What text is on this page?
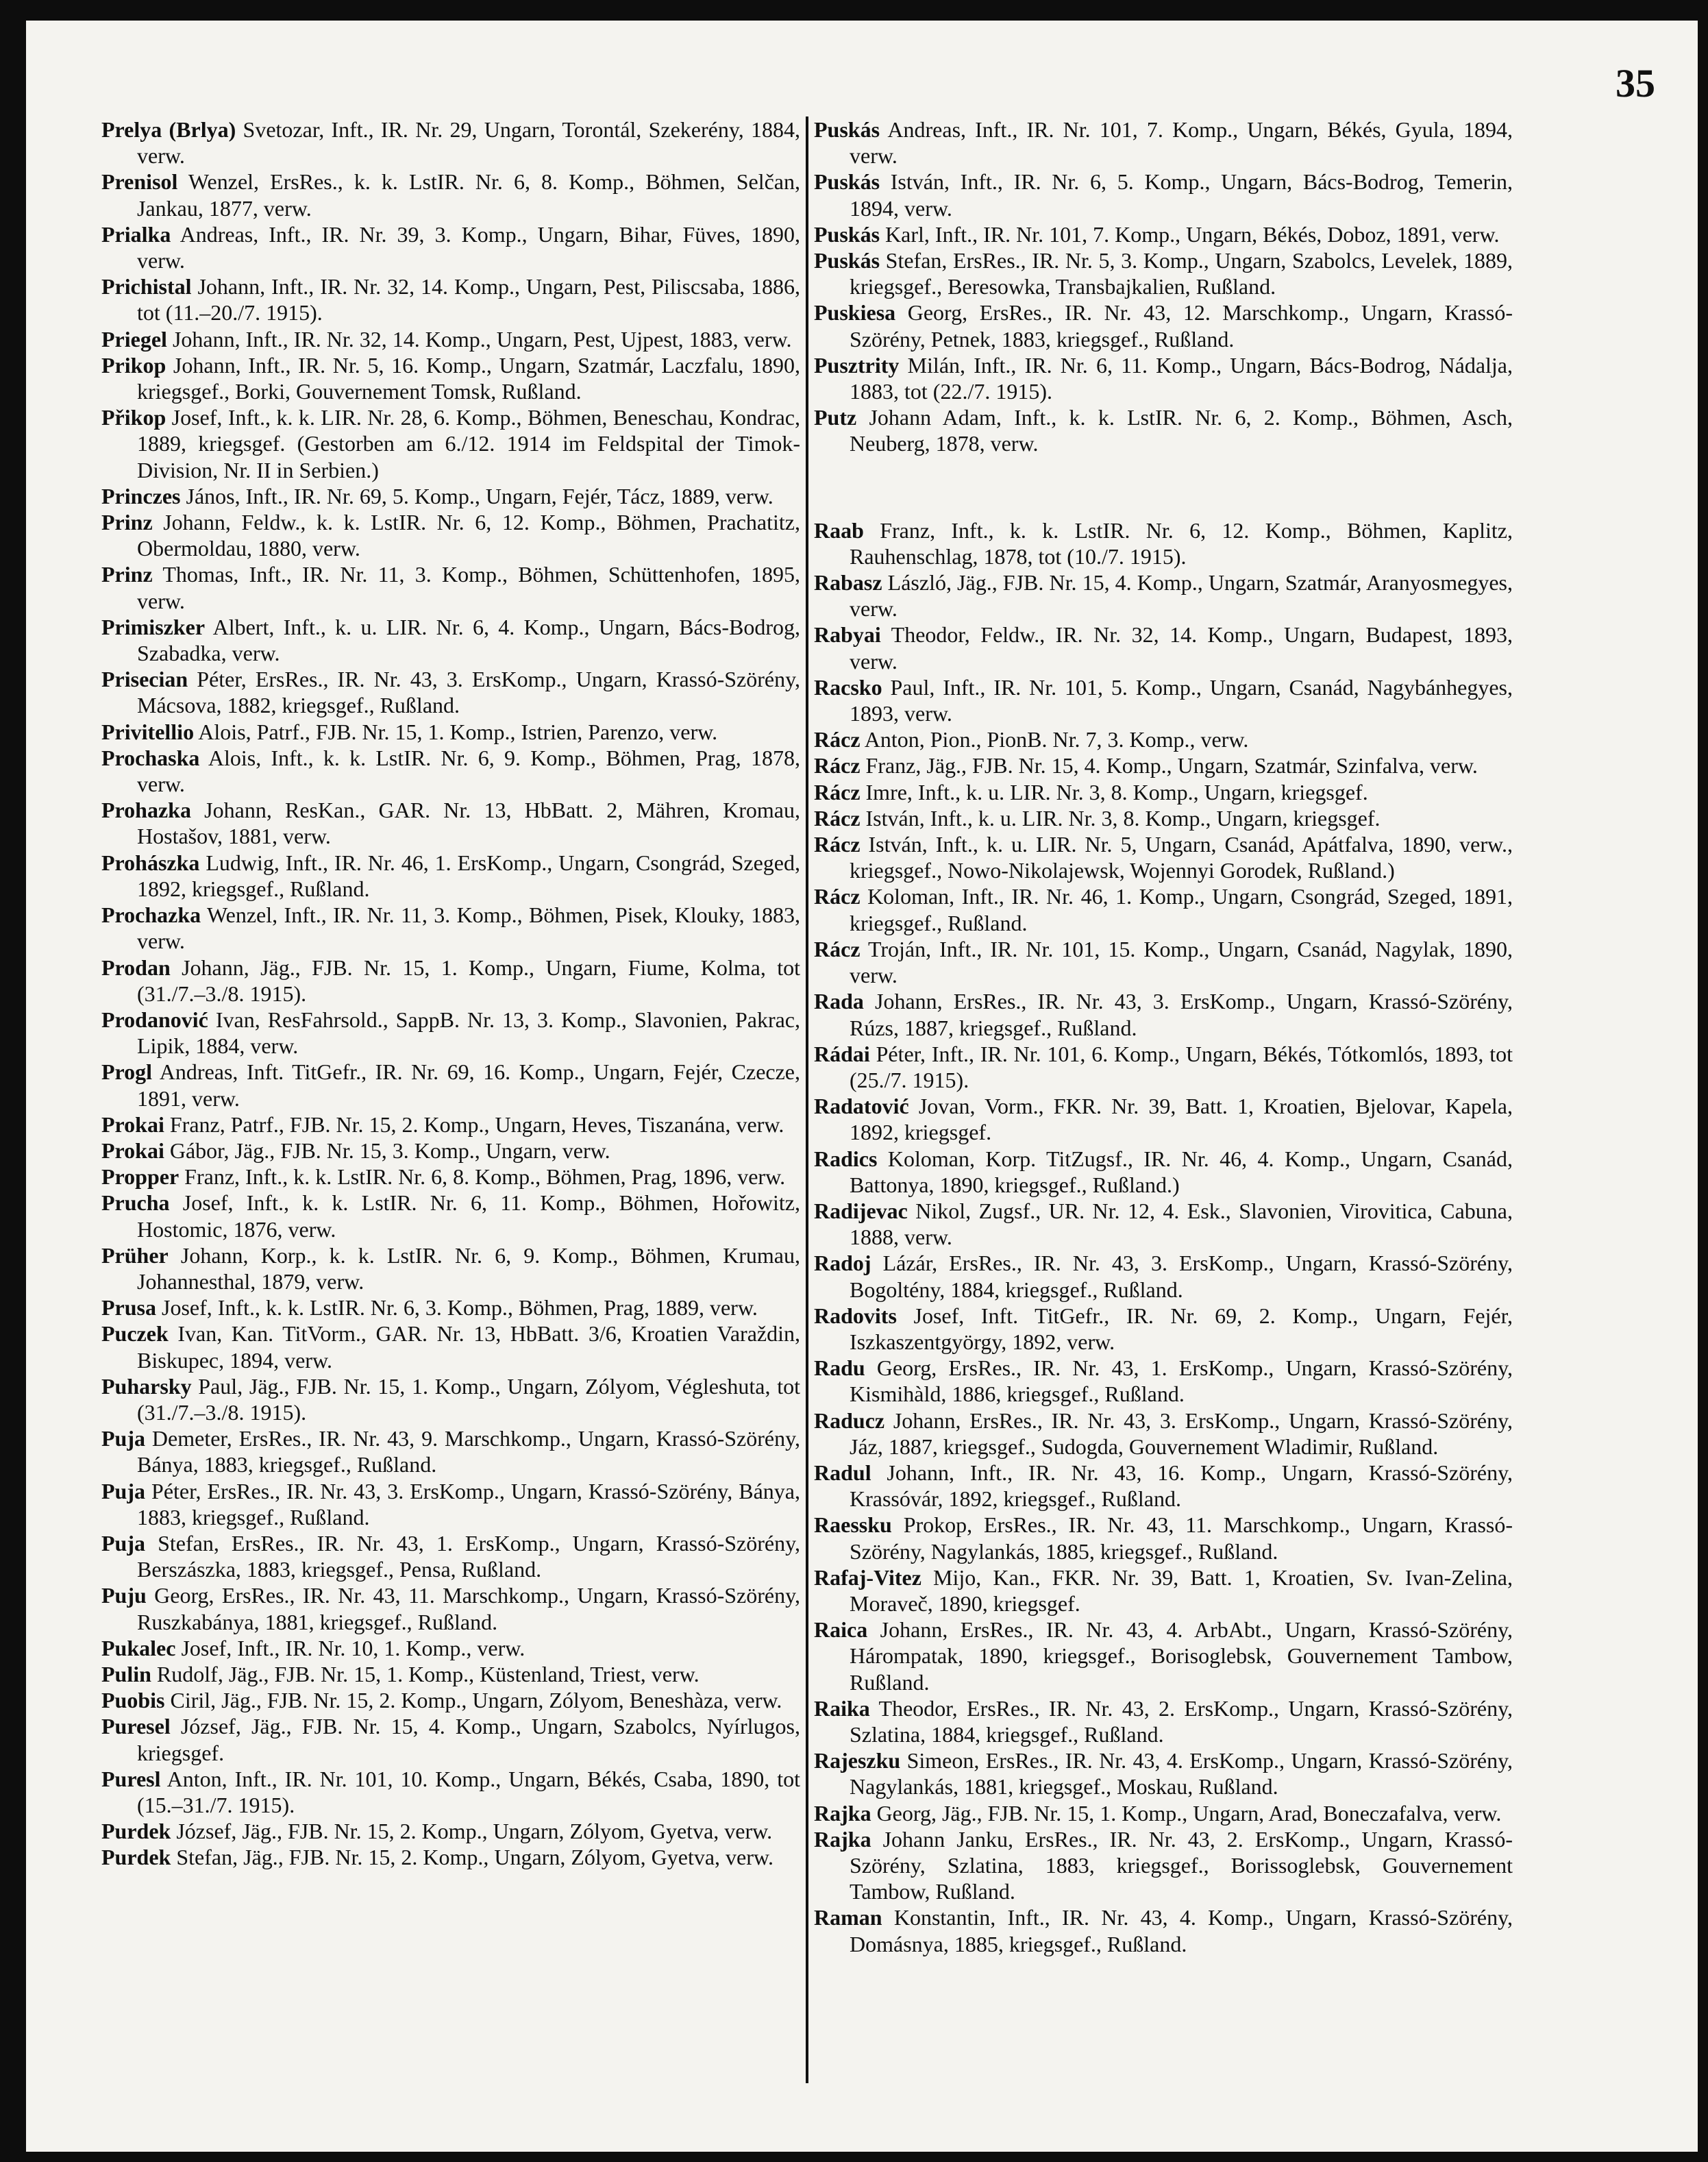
35

Prelya (Brlya) Svetozar, Inft., IR. Nr. 29, Ungarn, Torontál, Szekerény, 1884, verw.

Prenisol Wenzel, ErsRes., k. k. LstIR. Nr. 6, 8. Komp., Böhmen, Selčan, Jankau, 1877, verw.

Prialka Andreas, Inft., IR. Nr. 39, 3. Komp., Ungarn, Bihar, Füves, 1890, verw.

Prichistal Johann, Inft., IR. Nr. 32, 14. Komp., Ungarn, Pest, Piliscsaba, 1886, tot (11.–20./7. 1915).

Priegel Johann, Inft., IR. Nr. 32, 14. Komp., Ungarn, Pest, Ujpest, 1883, verw.

Prikop Johann, Inft., IR. Nr. 5, 16. Komp., Ungarn, Szatmár, Laczfalu, 1890, kriegsgef., Borki, Gouvernement Tomsk, Rußland.

Přikop Josef, Inft., k. k. LIR. Nr. 28, 6. Komp., Böhmen, Beneschau, Kondrac, 1889, kriegsgef. (Gestorben am 6./12. 1914 im Feldspital der Timok-Division, Nr. II in Serbien.)

Princzes János, Inft., IR. Nr. 69, 5. Komp., Ungarn, Fejér, Tácz, 1889, verw.

Prinz Johann, Feldw., k. k. LstIR. Nr. 6, 12. Komp., Böhmen, Prachatitz, Obermoldau, 1880, verw.

Prinz Thomas, Inft., IR. Nr. 11, 3. Komp., Böhmen, Schüttenhofen, 1895, verw.

Primiszker Albert, Inft., k. u. LIR. Nr. 6, 4. Komp., Ungarn, Bács-Bodrog, Szabadka, verw.

Prisecian Péter, ErsRes., IR. Nr. 43, 3. ErsKomp., Ungarn, Krassó-Szörény, Mácsova, 1882, kriegsgef., Rußland.

Privitellio Alois, Patrf., FJB. Nr. 15, 1. Komp., Istrien, Parenzo, verw.

Prochaska Alois, Inft., k. k. LstIR. Nr. 6, 9. Komp., Böhmen, Prag, 1878, verw.

Prohazka Johann, ResKan., GAR. Nr. 13, HbBatt. 2, Mähren, Kromau, Hostašov, 1881, verw.

Prohászka Ludwig, Inft., IR. Nr. 46, 1. ErsKomp., Ungarn, Csongrád, Szeged, 1892, kriegsgef., Rußland.

Prochazka Wenzel, Inft., IR. Nr. 11, 3. Komp., Böhmen, Pisek, Klouky, 1883, verw.

Prodan Johann, Jäg., FJB. Nr. 15, 1. Komp., Ungarn, Fiume, Kolma, tot (31./7.–3./8. 1915).

Prodanović Ivan, ResFahrsold., SappB. Nr. 13, 3. Komp., Slavonien, Pakrac, Lipik, 1884, verw.

Progl Andreas, Inft. TitGefr., IR. Nr. 69, 16. Komp., Ungarn, Fejér, Czecze, 1891, verw.

Prokai Franz, Patrf., FJB. Nr. 15, 2. Komp., Ungarn, Heves, Tiszanána, verw.

Prokai Gábor, Jäg., FJB. Nr. 15, 3. Komp., Ungarn, verw.

Propper Franz, Inft., k. k. LstIR. Nr. 6, 8. Komp., Böhmen, Prag, 1896, verw.

Prucha Josef, Inft., k. k. LstIR. Nr. 6, 11. Komp., Böhmen, Hořowitz, Hostomic, 1876, verw.

Prüher Johann, Korp., k. k. LstIR. Nr. 6, 9. Komp., Böhmen, Krumau, Johannesthal, 1879, verw.

Prusa Josef, Inft., k. k. LstIR. Nr. 6, 3. Komp., Böhmen, Prag, 1889, verw.

Puczek Ivan, Kan. TitVorm., GAR. Nr. 13, HbBatt. 3/6, Kroatien Varaždin, Biskupec, 1894, verw.

Puharsky Paul, Jäg., FJB. Nr. 15, 1. Komp., Ungarn, Zólyom, Végleshuta, tot (31./7.–3./8. 1915).

Puja Demeter, ErsRes., IR. Nr. 43, 9. Marschkomp., Ungarn, Krassó-Szörény, Bánya, 1883, kriegsgef., Rußland.

Puja Péter, ErsRes., IR. Nr. 43, 3. ErsKomp., Ungarn, Krassó-Szörény, Bánya, 1883, kriegsgef., Rußland.

Puja Stefan, ErsRes., IR. Nr. 43, 1. ErsKomp., Ungarn, Krassó-Szörény, Berszászka, 1883, kriegsgef., Pensa, Rußland.

Puju Georg, ErsRes., IR. Nr. 43, 11. Marschkomp., Ungarn, Krassó-Szörény, Ruszkabánya, 1881, kriegsgef., Rußland.

Pukalec Josef, Inft., IR. Nr. 10, 1. Komp., verw.

Pulin Rudolf, Jäg., FJB. Nr. 15, 1. Komp., Küstenland, Triest, verw.

Puobis Ciril, Jäg., FJB. Nr. 15, 2. Komp., Ungarn, Zólyom, Beneshàza, verw.

Puresel József, Jäg., FJB. Nr. 15, 4. Komp., Ungarn, Szabolcs, Nyírlugos, kriegsgef.

Puresl Anton, Inft., IR. Nr. 101, 10. Komp., Ungarn, Békés, Csaba, 1890, tot (15.–31./7. 1915).

Purdek József, Jäg., FJB. Nr. 15, 2. Komp., Ungarn, Zólyom, Gyetva, verw.

Purdek Stefan, Jäg., FJB. Nr. 15, 2. Komp., Ungarn, Zólyom, Gyetva, verw.

Puskás Andreas, Inft., IR. Nr. 101, 7. Komp., Ungarn, Békés, Gyula, 1894, verw.

Puskás István, Inft., IR. Nr. 6, 5. Komp., Ungarn, Bács-Bodrog, Temerin, 1894, verw.

Puskás Karl, Inft., IR. Nr. 101, 7. Komp., Ungarn, Békés, Doboz, 1891, verw.

Puskás Stefan, ErsRes., IR. Nr. 5, 3. Komp., Ungarn, Szabolcs, Levelek, 1889, kriegsgef., Beresowka, Transbajkalien, Rußland.

Puskiesa Georg, ErsRes., IR. Nr. 43, 12. Marschkomp., Ungarn, Krassó-Szörény, Petnek, 1883, kriegsgef., Rußland.

Pusztrity Milán, Inft., IR. Nr. 6, 11. Komp., Ungarn, Bács-Bodrog, Nádalja, 1883, tot (22./7. 1915).

Putz Johann Adam, Inft., k. k. LstIR. Nr. 6, 2. Komp., Böhmen, Asch, Neuberg, 1878, verw.

Raab Franz, Inft., k. k. LstIR. Nr. 6, 12. Komp., Böhmen, Kaplitz, Rauhenschlag, 1878, tot (10./7. 1915).

Rabasz László, Jäg., FJB. Nr. 15, 4. Komp., Ungarn, Szatmár, Aranyosmegyes, verw.

Rabyai Theodor, Feldw., IR. Nr. 32, 14. Komp., Ungarn, Budapest, 1893, verw.

Racsko Paul, Inft., IR. Nr. 101, 5. Komp., Ungarn, Csanád, Nagybánhegyes, 1893, verw.

Rácz Anton, Pion., PionB. Nr. 7, 3. Komp., verw.

Rácz Franz, Jäg., FJB. Nr. 15, 4. Komp., Ungarn, Szatmár, Szinfalva, verw.

Rácz Imre, Inft., k. u. LIR. Nr. 3, 8. Komp., Ungarn, kriegsgef.

Rácz István, Inft., k. u. LIR. Nr. 3, 8. Komp., Ungarn, kriegsgef.

Rácz István, Inft., k. u. LIR. Nr. 5, Ungarn, Csanád, Apátfalva, 1890, verw., kriegsgef., Nowo-Nikolajewsk, Wojennyi Gorodek, Rußland.)

Rácz Koloman, Inft., IR. Nr. 46, 1. Komp., Ungarn, Csongrád, Szeged, 1891, kriegsgef., Rußland.

Rácz Troján, Inft., IR. Nr. 101, 15. Komp., Ungarn, Csanád, Nagylak, 1890, verw.

Rada Johann, ErsRes., IR. Nr. 43, 3. ErsKomp., Ungarn, Krassó-Szörény, Rúzs, 1887, kriegsgef., Rußland.

Rádai Péter, Inft., IR. Nr. 101, 6. Komp., Ungarn, Békés, Tótkomlós, 1893, tot (25./7. 1915).

Radatović Jovan, Vorm., FKR. Nr. 39, Batt. 1, Kroatien, Bjelovar, Kapela, 1892, kriegsgef.

Radics Koloman, Korp. TitZugsf., IR. Nr. 46, 4. Komp., Ungarn, Csanád, Battonya, 1890, kriegsgef., Rußland.)

Radijevac Nikol, Zugsf., UR. Nr. 12, 4. Esk., Slavonien, Virovitica, Cabuna, 1888, verw.

Radoj Lázár, ErsRes., IR. Nr. 43, 3. ErsKomp., Ungarn, Krassó-Szörény, Bogoltény, 1884, kriegsgef., Rußland.

Radovits Josef, Inft. TitGefr., IR. Nr. 69, 2. Komp., Ungarn, Fejér, Iszkaszentgyörgy, 1892, verw.

Radu Georg, ErsRes., IR. Nr. 43, 1. ErsKomp., Ungarn, Krassó-Szörény, Kismihàld, 1886, kriegsgef., Rußland.

Raducz Johann, ErsRes., IR. Nr. 43, 3. ErsKomp., Ungarn, Krassó-Szörény, Jáz, 1887, kriegsgef., Sudogda, Gouvernement Wladimir, Rußland.

Radul Johann, Inft., IR. Nr. 43, 16. Komp., Ungarn, Krassó-Szörény, Krassóvár, 1892, kriegsgef., Rußland.

Raessku Prokop, ErsRes., IR. Nr. 43, 11. Marschkomp., Ungarn, Krassó-Szörény, Nagylankás, 1885, kriegsgef., Rußland.

Rafaj-Vitez Mijo, Kan., FKR. Nr. 39, Batt. 1, Kroatien, Sv. Ivan-Zelina, Moraveč, 1890, kriegsgef.

Raica Johann, ErsRes., IR. Nr. 43, 4. ArbAbt., Ungarn, Krassó-Szörény, Hárompatak, 1890, kriegsgef., Borisoglebsk, Gouvernement Tambow, Rußland.

Raika Theodor, ErsRes., IR. Nr. 43, 2. ErsKomp., Ungarn, Krassó-Szörény, Szlatina, 1884, kriegsgef., Rußland.

Rajeszku Simeon, ErsRes., IR. Nr. 43, 4. ErsKomp., Ungarn, Krassó-Szörény, Nagylankás, 1881, kriegsgef., Moskau, Rußland.

Rajka Georg, Jäg., FJB. Nr. 15, 1. Komp., Ungarn, Arad, Boneczafalva, verw.

Rajka Johann Janku, ErsRes., IR. Nr. 43, 2. ErsKomp., Ungarn, Krassó-Szörény, Szlatina, 1883, kriegsgef., Borissoglebsk, Gouvernement Tambow, Rußland.

Raman Konstantin, Inft., IR. Nr. 43, 4. Komp., Ungarn, Krassó-Szörény, Domásnya, 1885, kriegsgef., Rußland.
